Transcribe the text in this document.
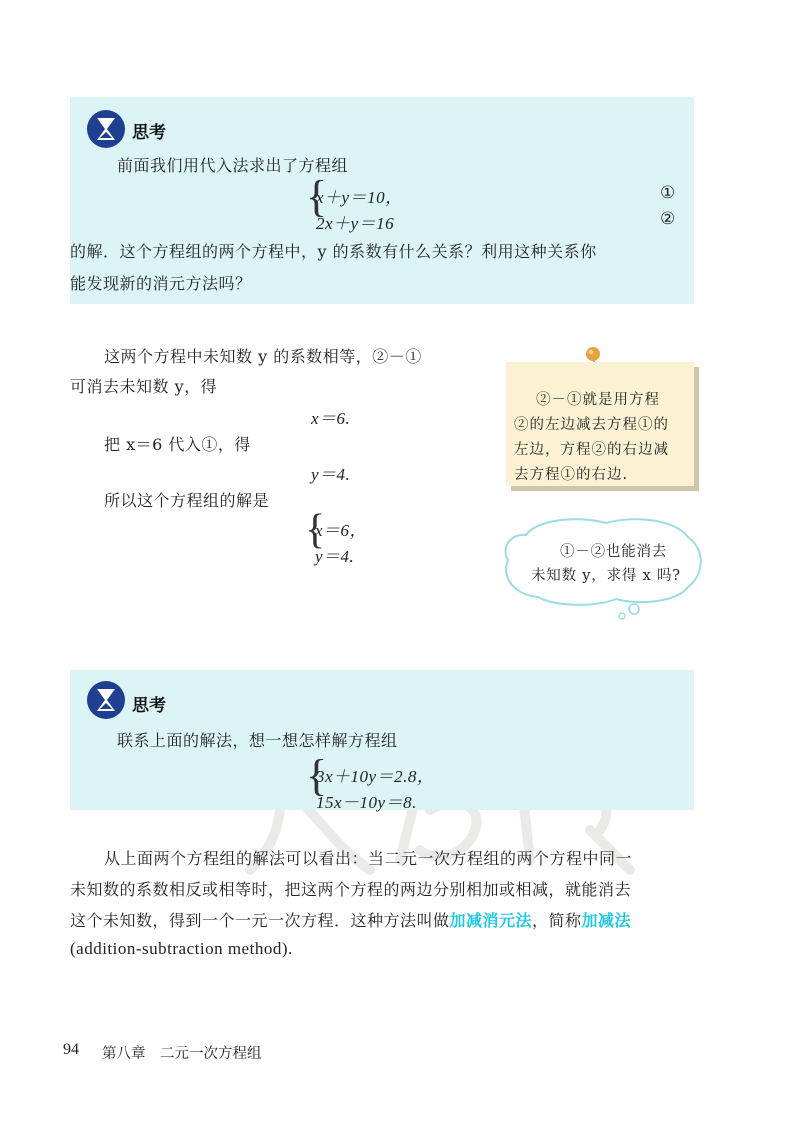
思考
前面我们用代入法求出了方程组
{
x＋y＝10，	①
2x＋y＝16	②
的解．这个方程组的两个方程中，y 的系数有什么关系？利用这种关系你
能发现新的消元方法吗？
这两个方程中未知数 y 的系数相等，②－①
可消去未知数 y，得
x＝6.
把 x＝6 代入①，得
y＝4.
所以这个方程组的解是
{
x＝6，
y＝4.
②－①就是用方程
②的左边减去方程①的
左边，方程②的右边减
去方程①的右边.
①－②也能消去
未知数 y，求得 x 吗?
思考
联系上面的解法，想一想怎样解方程组
{
3x＋10y＝2.8，
15x－10y＝8.
从上面两个方程组的解法可以看出：当二元一次方程组的两个方程中同一
未知数的系数相反或相等时，把这两个方程的两边分别相加或相减，就能消去
这个未知数，得到一个一元一次方程．这种方法叫做加减消元法，简称加减法
(addition-subtraction method).
94 第八章　二元一次方程组
